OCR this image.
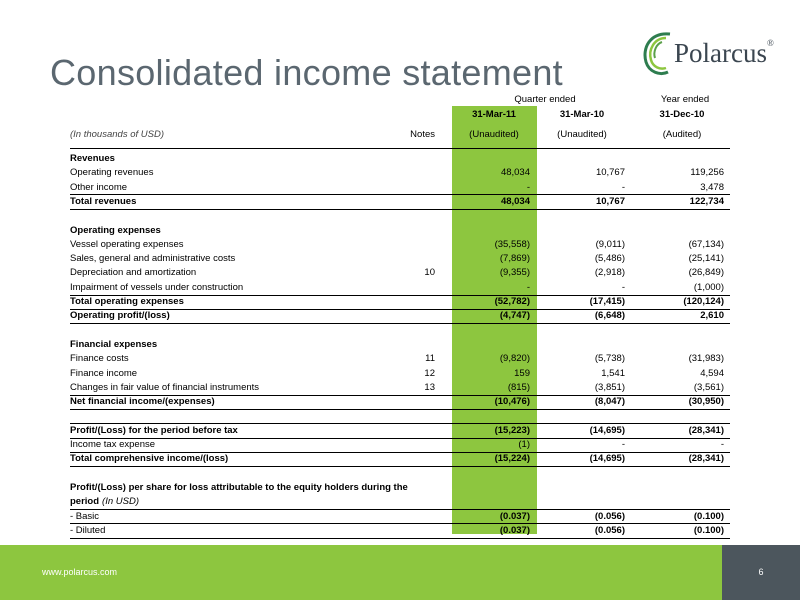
Consolidated income statement	Polarcus®
Quarter ended	Year ended
31-Mar-11	31-Mar-10	31-Dec-10
(In thousands of USD)	Notes	(Unaudited)	(Unaudited)	(Audited)
Revenues
Operating revenues	48,034	10,767	119,256
Other income	-	-	3,478
Total revenues	48,034	10,767	122,734
Operating expenses
Vessel operating expenses	(35,558)	(9,011)	(67,134)
Sales, general and administrative costs	(7,869)	(5,486)	(25,141)
Depreciation and amortization	10	(9,355)	(2,918)	(26,849)
Impairment of vessels under construction	-	-	(1,000)
Total operating expenses	(52,782)	(17,415)	(120,124)
Operating profit/(loss)	(4,747)	(6,648)	2,610
Financial expenses
Finance costs	11	(9,820)	(5,738)	(31,983)
Finance income	12	159	1,541	4,594
Changes in fair value of financial instruments	13	(815)	(3,851)	(3,561)
Net financial income/(expenses)	(10,476)	(8,047)	(30,950)
Profit/(Loss) for the period before tax	(15,223)	(14,695)	(28,341)
Income tax expense	(1)	-	-
Total comprehensive income/(loss)	(15,224)	(14,695)	(28,341)
Profit/(Loss) per share for loss attributable to the equity holders during the
period (In USD)
- Basic	(0.037)	(0.056)	(0.100)
- Diluted	(0.037)	(0.056)	(0.100)
www.polarcus.com	6
